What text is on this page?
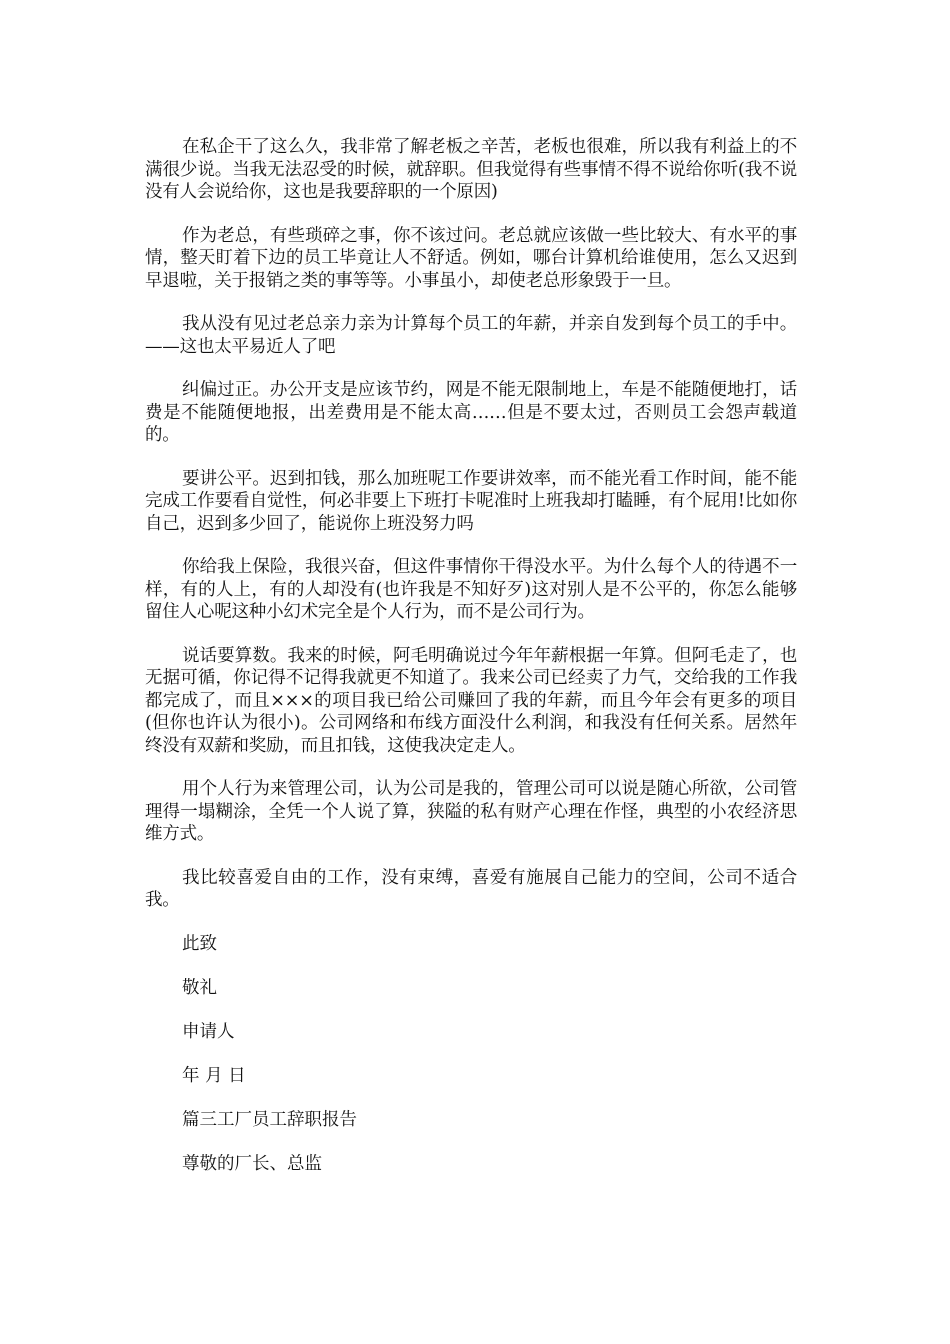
在私企干了这么久，我非常了解老板之辛苦，老板也很难，所以我有利益上的不满很少说。当我无法忍受的时候，就辞职。但我觉得有些事情不得不说给你听(我不说没有人会说给你，这也是我要辞职的一个原因)

作为老总，有些琐碎之事，你不该过问。老总就应该做一些比较大、有水平的事情，整天盯着下边的员工毕竟让人不舒适。例如，哪台计算机给谁使用，怎么又迟到早退啦，关于报销之类的事等等。小事虽小，却使老总形象毁于一旦。

我从没有见过老总亲力亲为计算每个员工的年薪，并亲自发到每个员工的手中。——这也太平易近人了吧

纠偏过正。办公开支是应该节约，网是不能无限制地上，车是不能随便地打，话费是不能随便地报，出差费用是不能太高……但是不要太过，否则员工会怨声载道的。

要讲公平。迟到扣钱，那么加班呢工作要讲效率，而不能光看工作时间，能不能完成工作要看自觉性，何必非要上下班打卡呢准时上班我却打瞌睡，有个屁用!比如你自己，迟到多少回了，能说你上班没努力吗

你给我上保险，我很兴奋，但这件事情你干得没水平。为什么每个人的待遇不一样，有的人上，有的人却没有(也许我是不知好歹)这对别人是不公平的，你怎么能够留住人心呢这种小幻术完全是个人行为，而不是公司行为。

说话要算数。我来的时候，阿毛明确说过今年年薪根据一年算。但阿毛走了，也无据可循，你记得不记得我就更不知道了。我来公司已经卖了力气，交给我的工作我都完成了，而且×××的项目我已给公司赚回了我的年薪，而且今年会有更多的项目(但你也许认为很小)。公司网络和布线方面没什么利润，和我没有任何关系。居然年终没有双薪和奖励，而且扣钱，这使我决定走人。

用个人行为来管理公司，认为公司是我的，管理公司可以说是随心所欲，公司管理得一塌糊涂，全凭一个人说了算，狭隘的私有财产心理在作怪，典型的小农经济思维方式。

我比较喜爱自由的工作，没有束缚，喜爱有施展自己能力的空间，公司不适合我。

此致

敬礼

申请人

年 月 日

篇三工厂员工辞职报告

尊敬的厂长、总监
